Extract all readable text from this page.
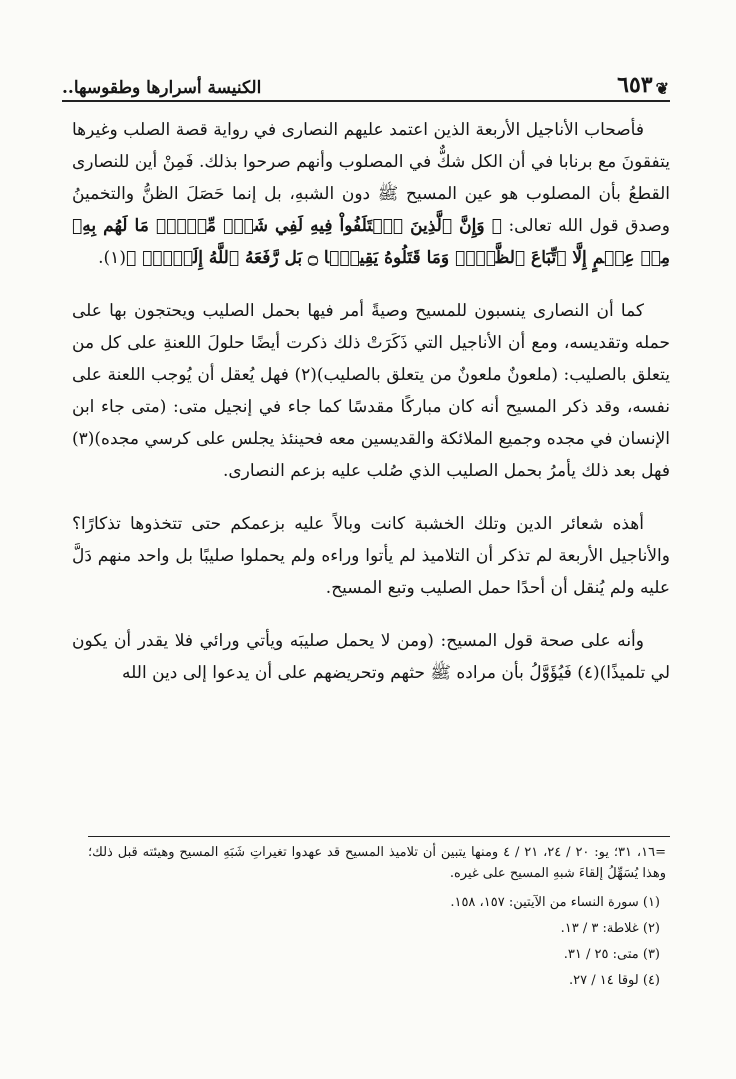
❦
٦٥٣
الكنيسة أسرارها وطقوسها..

فأصحاب الأناجيل الأربعة الذين اعتمد عليهم النصارى في رواية قصة الصلب وغيرها يتفقونَ مع برنابا في أن الكل شكٌّ في المصلوب وأنهم صرحوا بذلك. فَمِنْ أين للنصارى القطعُ بأن المصلوب هو عين المسيح ﷺ دون الشبهِ، بل إنما حَصَلَ الظنُّ والتخمينُ وصدق قول الله تعالى: ﴿ وَإِنَّ ٱلَّذِينَ ٱخۡتَلَفُواْ فِيهِ لَفِي شَكّٖ مِّنۡهُۚ مَا لَهُم بِهِۦ مِنۡ عِلۡمٍ إِلَّا ٱتِّبَاعَ ٱلظَّنِّۚ وَمَا قَتَلُوهُ يَقِينَۢا ۝ بَل رَّفَعَهُ ٱللَّهُ إِلَيۡهِۚ ﴾(١).

كما أن النصارى ينسبون للمسيح وصيةً أمر فيها بحمل الصليب ويحتجون بها على حمله وتقديسه، ومع أن الأناجيل التي ذَكَرَتْ ذلك ذكرت أيضًا حلولَ اللعنةِ على كل من يتعلق بالصليب: (ملعونٌ ملعونٌ من يتعلق بالصليب)(٢) فهل يُعقل أن يُوجب اللعنة على نفسه، وقد ذكر المسيح أنه كان مباركًا مقدسًا كما جاء في إنجيل متى: (متى جاء ابن الإنسان في مجده وجميع الملائكة والقديسين معه فحينئذ يجلس على كرسي مجده)(٣) فهل بعد ذلك يأمرُ بحمل الصليب الذي صُلب عليه بزعم النصارى.

أهذه شعائر الدين وتلك الخشبة كانت وبالاً عليه بزعمكم حتى تتخذوها تذكارًا؟ والأناجيل الأربعة لم تذكر أن التلاميذ لم يأتوا وراءه ولم يحملوا صليبًا بل واحد منهم دَلَّ عليه ولم يُنقل أن أحدًا حمل الصليب وتبع المسيح.

وأنه على صحة قول المسيح: (ومن لا يحمل صليبَه ويأتي ورائي فلا يقدر أن يكون لي تلميذًا)(٤) فَيُؤَوَّلُ بأن مراده ﷺ حثهم وتحريضهم على أن يدعوا إلى دين الله

=١٦، ٣١؛ يو: ٢٠ / ٢٤، ٢١ / ٤ ومنها يتبين أن تلاميذ المسيح قد عهدوا تغيراتِ شَبَهِ المسيح وهيئته قبل ذلك؛ وهذا يُسَهِّلُ إلقاءَ شبهِ المسيح على غيره.

(١) سورة النساء من الآيتين: ١٥٧، ١٥٨.

(٢) غلاطة: ٣ / ١٣.

(٣) متى: ٢٥ / ٣١.

(٤) لوقا ١٤ / ٢٧.
